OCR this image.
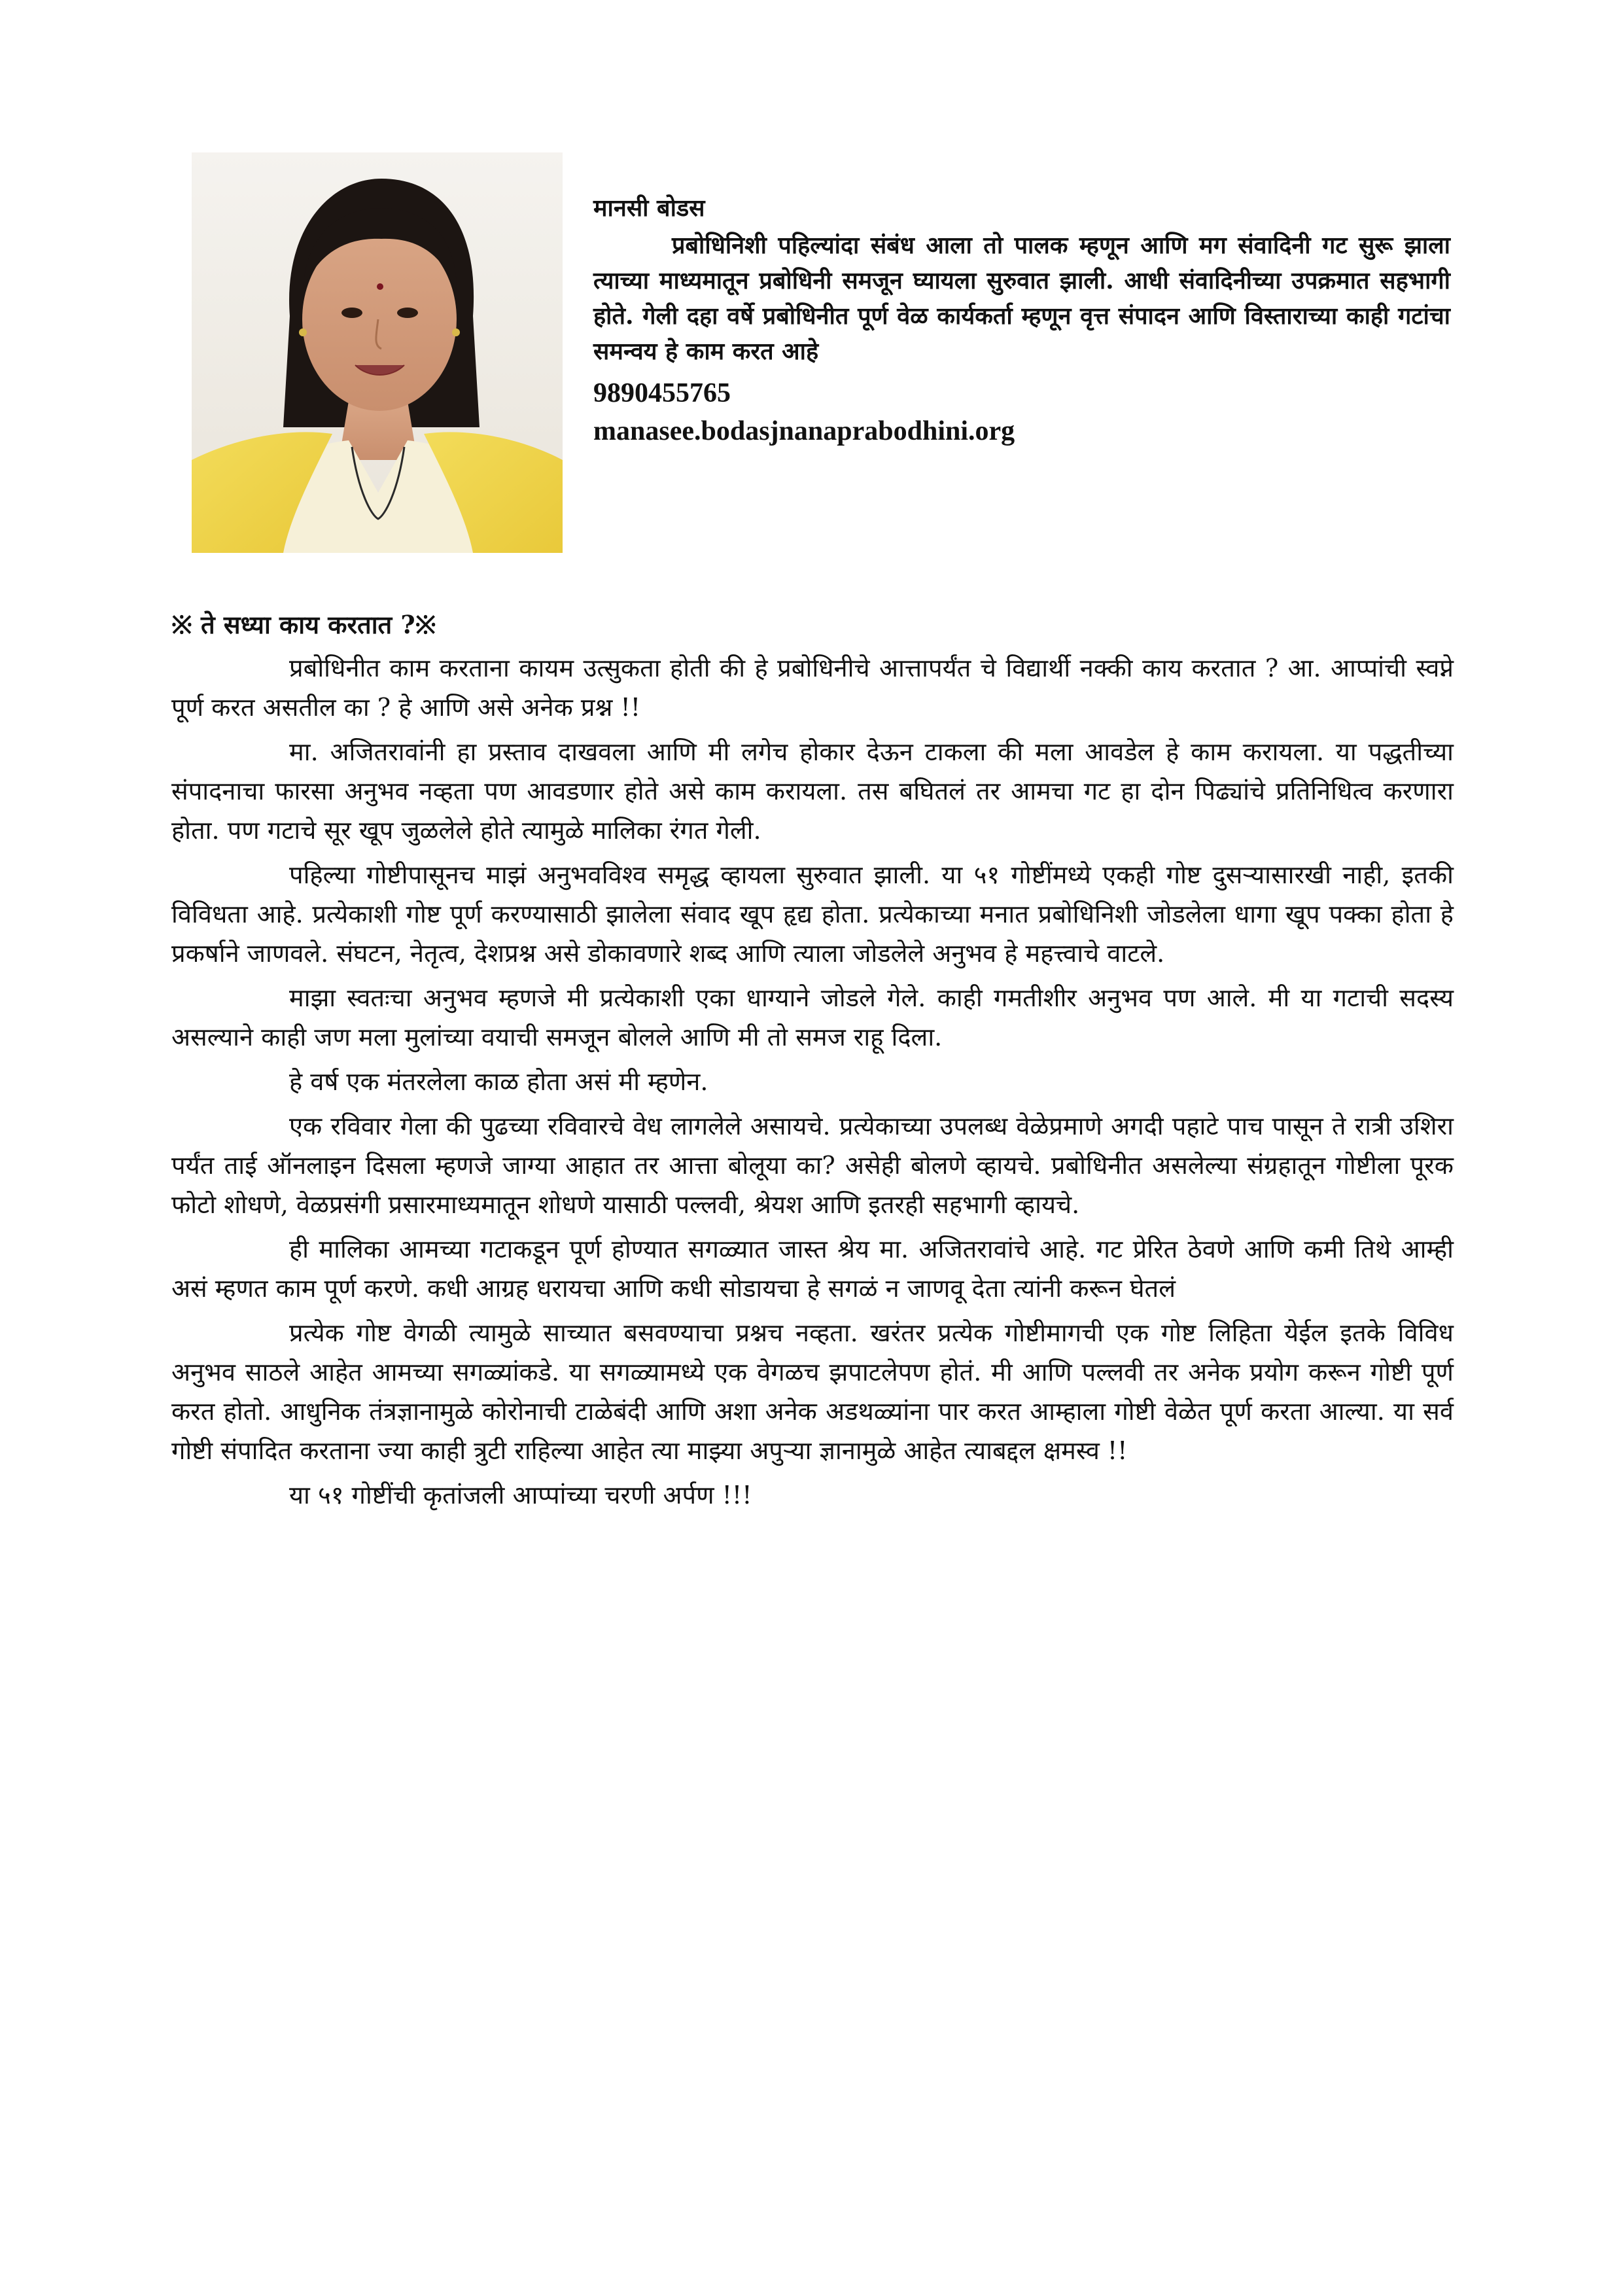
मानसी बोडस
प्रबोधिनिशी पहिल्यांदा संबंध आला तो पालक म्हणून आणि मग संवादिनी गट सुरू झाला त्याच्या माध्यमातून प्रबोधिनी समजून घ्यायला सुरुवात झाली. आधी संवादिनीच्या उपक्रमात सहभागी होते. गेली दहा वर्षे प्रबोधिनीत पूर्ण वेळ कार्यकर्ता म्हणून वृत्त संपादन आणि विस्ताराच्या काही गटांचा समन्वय हे काम करत आहे
9890455765
manasee.bodasjnanaprabodhini.org
※ ते सध्या काय करतात ?※

प्रबोधिनीत काम करताना कायम उत्सुकता होती की हे प्रबोधिनीचे आत्तापर्यंत चे विद्यार्थी नक्की काय करतात ? आ. आप्पांची स्वप्ने पूर्ण करत असतील का ? हे आणि असे अनेक प्रश्न !!

मा. अजितरावांनी हा प्रस्ताव दाखवला आणि मी लगेच होकार देऊन टाकला की मला आवडेल हे काम करायला. या पद्धतीच्या संपादनाचा फारसा अनुभव नव्हता पण आवडणार होते असे काम करायला. तस बघितलं तर आमचा गट हा दोन पिढ्यांचे प्रतिनिधित्व करणारा होता. पण गटाचे सूर खूप जुळलेले होते त्यामुळे मालिका रंगत गेली.

पहिल्या गोष्टीपासूनच माझं अनुभवविश्व समृद्ध व्हायला सुरुवात झाली. या ५१ गोष्टींमध्ये एकही गोष्ट दुसऱ्यासारखी नाही, इतकी विविधता आहे. प्रत्येकाशी गोष्ट पूर्ण करण्यासाठी झालेला संवाद खूप हृद्य होता. प्रत्येकाच्या मनात प्रबोधिनिशी जोडलेला धागा खूप पक्का होता हे प्रकर्षाने जाणवले. संघटन, नेतृत्व, देशप्रश्न असे डोकावणारे शब्द आणि त्याला जोडलेले अनुभव हे महत्त्वाचे वाटले.

माझा स्वतःचा अनुभव म्हणजे मी प्रत्येकाशी एका धाग्याने जोडले गेले. काही गमतीशीर अनुभव पण आले. मी या गटाची सदस्य असल्याने काही जण मला मुलांच्या वयाची समजून बोलले आणि मी तो समज राहू दिला.

हे वर्ष एक मंतरलेला काळ होता असं मी म्हणेन.

एक रविवार गेला की पुढच्या रविवारचे वेध लागलेले असायचे. प्रत्येकाच्या उपलब्ध वेळेप्रमाणे अगदी पहाटे पाच पासून ते रात्री उशिरा पर्यंत ताई ऑनलाइन दिसला म्हणजे जाग्या आहात तर आत्ता बोलूया का? असेही बोलणे व्हायचे. प्रबोधिनीत असलेल्या संग्रहातून गोष्टीला पूरक फोटो शोधणे, वेळप्रसंगी प्रसारमाध्यमातून शोधणे यासाठी पल्लवी, श्रेयश आणि इतरही सहभागी व्हायचे.

ही मालिका आमच्या गटाकडून पूर्ण होण्यात सगळ्यात जास्त श्रेय मा. अजितरावांचे आहे. गट प्रेरित ठेवणे आणि कमी तिथे आम्ही असं म्हणत काम पूर्ण करणे. कधी आग्रह धरायचा आणि कधी सोडायचा हे सगळं न जाणवू देता त्यांनी करून घेतलं

प्रत्येक गोष्ट वेगळी त्यामुळे साच्यात बसवण्याचा प्रश्नच नव्हता. खरंतर प्रत्येक गोष्टीमागची एक गोष्ट लिहिता येईल इतके विविध अनुभव साठले आहेत आमच्या सगळ्यांकडे. या सगळ्यामध्ये एक वेगळच झपाटलेपण होतं. मी आणि पल्लवी तर अनेक प्रयोग करून गोष्टी पूर्ण करत होतो. आधुनिक तंत्रज्ञानामुळे कोरोनाची टाळेबंदी आणि अशा अनेक अडथळ्यांना पार करत आम्हाला गोष्टी वेळेत पूर्ण करता आल्या. या सर्व गोष्टी संपादित करताना ज्या काही त्रुटी राहिल्या आहेत त्या माझ्या अपुऱ्या ज्ञानामुळे आहेत त्याबद्दल क्षमस्व !!

या ५१ गोष्टींची कृतांजली आप्पांच्या चरणी अर्पण !!!
